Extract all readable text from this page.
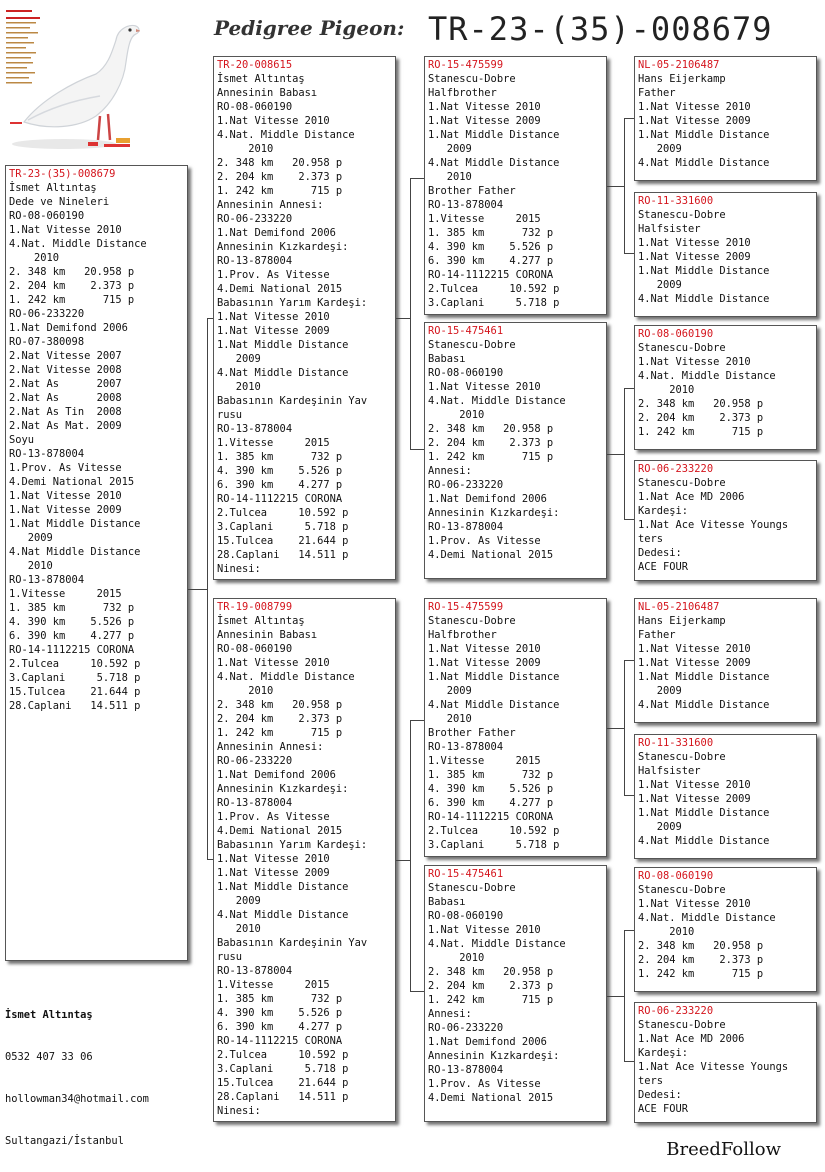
Pedigree Pigeon: TR-23-(35)-008679
TR-23-(35)-008679
İsmet Altıntaş
Dede ve Nineleri
RO-08-060190
1.Nat Vitesse 2010
4.Nat. Middle Distance
2010
2. 348 km   20.958 p
2. 204 km    2.373 p
1. 242 km      715 p
RO-06-233220
1.Nat Demifond 2006
RO-07-380098
2.Nat Vitesse 2007
2.Nat Vitesse 2008
2.Nat As      2007
2.Nat As      2008
2.Nat As Tin  2008
2.Nat As Mat. 2009
Soyu
RO-13-878004
1.Prov. As Vitesse
4.Demi National 2015
1.Nat Vitesse 2010
1.Nat Vitesse 2009
1.Nat Middle Distance
2009
4.Nat Middle Distance
2010
RO-13-878004
1.Vitesse     2015
1. 385 km      732 p
4. 390 km    5.526 p
6. 390 km    4.277 p
RO-14-1112215 CORONA
2.Tulcea     10.592 p
3.Caplani     5.718 p
15.Tulcea    21.644 p
28.Caplani   14.511 p
TR-20-008615
İsmet Altıntaş
Annesinin Babası
RO-08-060190
1.Nat Vitesse 2010
4.Nat. Middle Distance
2010
2. 348 km   20.958 p
2. 204 km    2.373 p
1. 242 km      715 p
Annesinin Annesi:
RO-06-233220
1.Nat Demifond 2006
Annesinin Kızkardeşi:
RO-13-878004
1.Prov. As Vitesse
4.Demi National 2015
Babasının Yarım Kardeşi:
1.Nat Vitesse 2010
1.Nat Vitesse 2009
1.Nat Middle Distance
2009
4.Nat Middle Distance
2010
Babasının Kardeşinin Yav
rusu
RO-13-878004
1.Vitesse     2015
1. 385 km      732 p
4. 390 km    5.526 p
6. 390 km    4.277 p
RO-14-1112215 CORONA
2.Tulcea     10.592 p
3.Caplani     5.718 p
15.Tulcea    21.644 p
28.Caplani   14.511 p
Ninesi:
TR-19-008799
İsmet Altıntaş
Annesinin Babası
RO-08-060190
1.Nat Vitesse 2010
4.Nat. Middle Distance
2010
2. 348 km   20.958 p
2. 204 km    2.373 p
1. 242 km      715 p
Annesinin Annesi:
RO-06-233220
1.Nat Demifond 2006
Annesinin Kızkardeşi:
RO-13-878004
1.Prov. As Vitesse
4.Demi National 2015
Babasının Yarım Kardeşi:
1.Nat Vitesse 2010
1.Nat Vitesse 2009
1.Nat Middle Distance
2009
4.Nat Middle Distance
2010
Babasının Kardeşinin Yav
rusu
RO-13-878004
1.Vitesse     2015
1. 385 km      732 p
4. 390 km    5.526 p
6. 390 km    4.277 p
RO-14-1112215 CORONA
2.Tulcea     10.592 p
3.Caplani     5.718 p
15.Tulcea    21.644 p
28.Caplani   14.511 p
Ninesi:
RO-15-475599
Stanescu-Dobre
Halfbrother
1.Nat Vitesse 2010
1.Nat Vitesse 2009
1.Nat Middle Distance
2009
4.Nat Middle Distance
2010
Brother Father
RO-13-878004
1.Vitesse     2015
1. 385 km      732 p
4. 390 km    5.526 p
6. 390 km    4.277 p
RO-14-1112215 CORONA
2.Tulcea     10.592 p
3.Caplani     5.718 p
RO-15-475461
Stanescu-Dobre
Babası
RO-08-060190
1.Nat Vitesse 2010
4.Nat. Middle Distance
2010
2. 348 km   20.958 p
2. 204 km    2.373 p
1. 242 km      715 p
Annesi:
RO-06-233220
1.Nat Demifond 2006
Annesinin Kızkardeşi:
RO-13-878004
1.Prov. As Vitesse
4.Demi National 2015
RO-15-475599
Stanescu-Dobre
Halfbrother
1.Nat Vitesse 2010
1.Nat Vitesse 2009
1.Nat Middle Distance
2009
4.Nat Middle Distance
2010
Brother Father
RO-13-878004
1.Vitesse     2015
1. 385 km      732 p
4. 390 km    5.526 p
6. 390 km    4.277 p
RO-14-1112215 CORONA
2.Tulcea     10.592 p
3.Caplani     5.718 p
RO-15-475461
Stanescu-Dobre
Babası
RO-08-060190
1.Nat Vitesse 2010
4.Nat. Middle Distance
2010
2. 348 km   20.958 p
2. 204 km    2.373 p
1. 242 km      715 p
Annesi:
RO-06-233220
1.Nat Demifond 2006
Annesinin Kızkardeşi:
RO-13-878004
1.Prov. As Vitesse
4.Demi National 2015
NL-05-2106487
Hans Eijerkamp
Father
1.Nat Vitesse 2010
1.Nat Vitesse 2009
1.Nat Middle Distance
2009
4.Nat Middle Distance
RO-11-331600
Stanescu-Dobre
Halfsister
1.Nat Vitesse 2010
1.Nat Vitesse 2009
1.Nat Middle Distance
2009
4.Nat Middle Distance
RO-08-060190
Stanescu-Dobre
1.Nat Vitesse 2010
4.Nat. Middle Distance
2010
2. 348 km   20.958 p
2. 204 km    2.373 p
1. 242 km      715 p
RO-06-233220
Stanescu-Dobre
1.Nat Ace MD 2006
Kardeşi:
1.Nat Ace Vitesse Youngs
ters
Dedesi:
ACE FOUR
NL-05-2106487
Hans Eijerkamp
Father
1.Nat Vitesse 2010
1.Nat Vitesse 2009
1.Nat Middle Distance
2009
4.Nat Middle Distance
RO-11-331600
Stanescu-Dobre
Halfsister
1.Nat Vitesse 2010
1.Nat Vitesse 2009
1.Nat Middle Distance
2009
4.Nat Middle Distance
RO-08-060190
Stanescu-Dobre
1.Nat Vitesse 2010
4.Nat. Middle Distance
2010
2. 348 km   20.958 p
2. 204 km    2.373 p
1. 242 km      715 p
RO-06-233220
Stanescu-Dobre
1.Nat Ace MD 2006
Kardeşi:
1.Nat Ace Vitesse Youngs
ters
Dedesi:
ACE FOUR

İsmet Altıntaş

0532 407 33 06

hollowman34@hotmail.com

Sultangazi/İstanbul	BreedFollow
